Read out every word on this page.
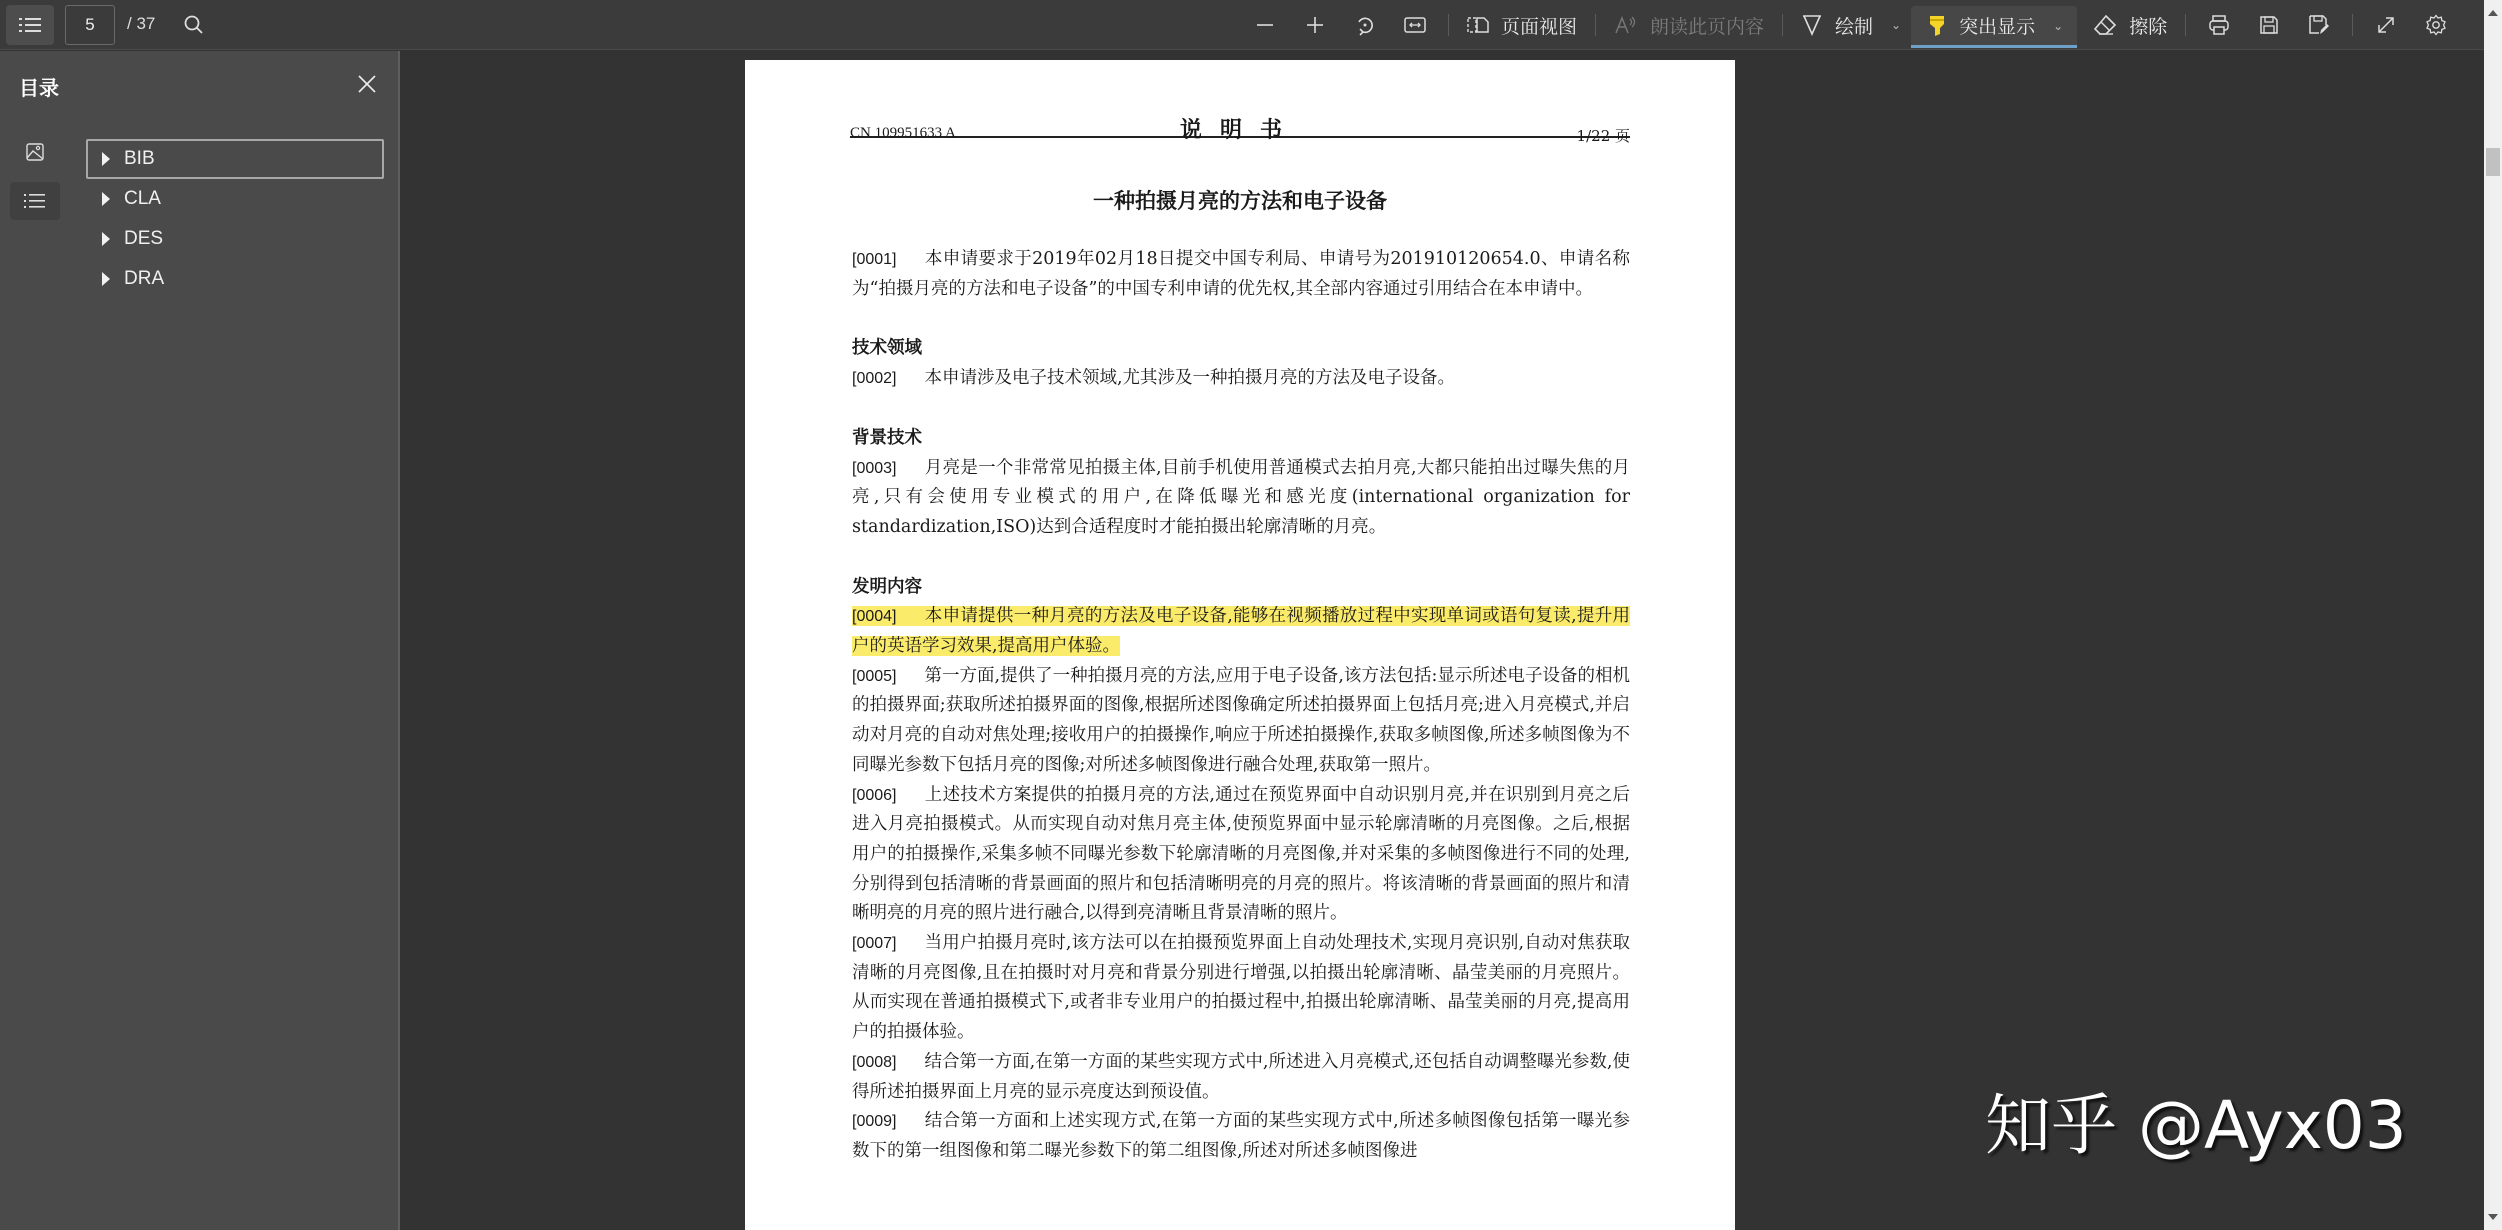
5	/ 37	页面视图	朗读此页内容	绘制 ⌄	突出显示 ⌄	擦除
目录
BIB
CLA
DES
DRA
CN 109951633 A	说明书	1/22 页
一种拍摄月亮的方法和电子设备

[0001] 本申请要求于2019年02月18日提交中国专利局、申请号为201910120654.0、申请名称为“拍摄月亮的方法和电子设备”的中国专利申请的优先权,其全部内容通过引用结合在本申请中。

技术领域

[0002] 本申请涉及电子技术领域,尤其涉及一种拍摄月亮的方法及电子设备。

背景技术

[0003] 月亮是一个非常常见拍摄主体,目前手机使用普通模式去拍月亮,大都只能拍出过曝失焦的月亮,只有会使用专业模式的用户,在降低曝光和感光度(international organization for standardization,ISO)达到合适程度时才能拍摄出轮廓清晰的月亮。

发明内容

[0004] 本申请提供一种月亮的方法及电子设备,能够在视频播放过程中实现单词或语句复读,提升用户的英语学习效果,提高用户体验。

[0005] 第一方面,提供了一种拍摄月亮的方法,应用于电子设备,该方法包括:显示所述电子设备的相机的拍摄界面;获取所述拍摄界面的图像,根据所述图像确定所述拍摄界面上包括月亮;进入月亮模式,并启动对月亮的自动对焦处理;接收用户的拍摄操作,响应于所述拍摄操作,获取多帧图像,所述多帧图像为不同曝光参数下包括月亮的图像;对所述多帧图像进行融合处理,获取第一照片。

[0006] 上述技术方案提供的拍摄月亮的方法,通过在预览界面中自动识别月亮,并在识别到月亮之后进入月亮拍摄模式。从而实现自动对焦月亮主体,使预览界面中显示轮廓清晰的月亮图像。之后,根据用户的拍摄操作,采集多帧不同曝光参数下轮廓清晰的月亮图像,并对采集的多帧图像进行不同的处理,分别得到包括清晰的背景画面的照片和包括清晰明亮的月亮的照片。将该清晰的背景画面的照片和清晰明亮的月亮的照片进行融合,以得到亮清晰且背景清晰的照片。

[0007] 当用户拍摄月亮时,该方法可以在拍摄预览界面上自动处理技术,实现月亮识别,自动对焦获取清晰的月亮图像,且在拍摄时对月亮和背景分别进行增强,以拍摄出轮廓清晰、晶莹美丽的月亮照片。从而实现在普通拍摄模式下,或者非专业用户的拍摄过程中,拍摄出轮廓清晰、晶莹美丽的月亮,提高用户的拍摄体验。

[0008] 结合第一方面,在第一方面的某些实现方式中,所述进入月亮模式,还包括自动调整曝光参数,使得所述拍摄界面上月亮的显示亮度达到预设值。

[0009] 结合第一方面和上述实现方式,在第一方面的某些实现方式中,所述多帧图像包括第一曝光参数下的第一组图像和第二曝光参数下的第二组图像,所述对所述多帧图像进	知乎 @Ayx03
